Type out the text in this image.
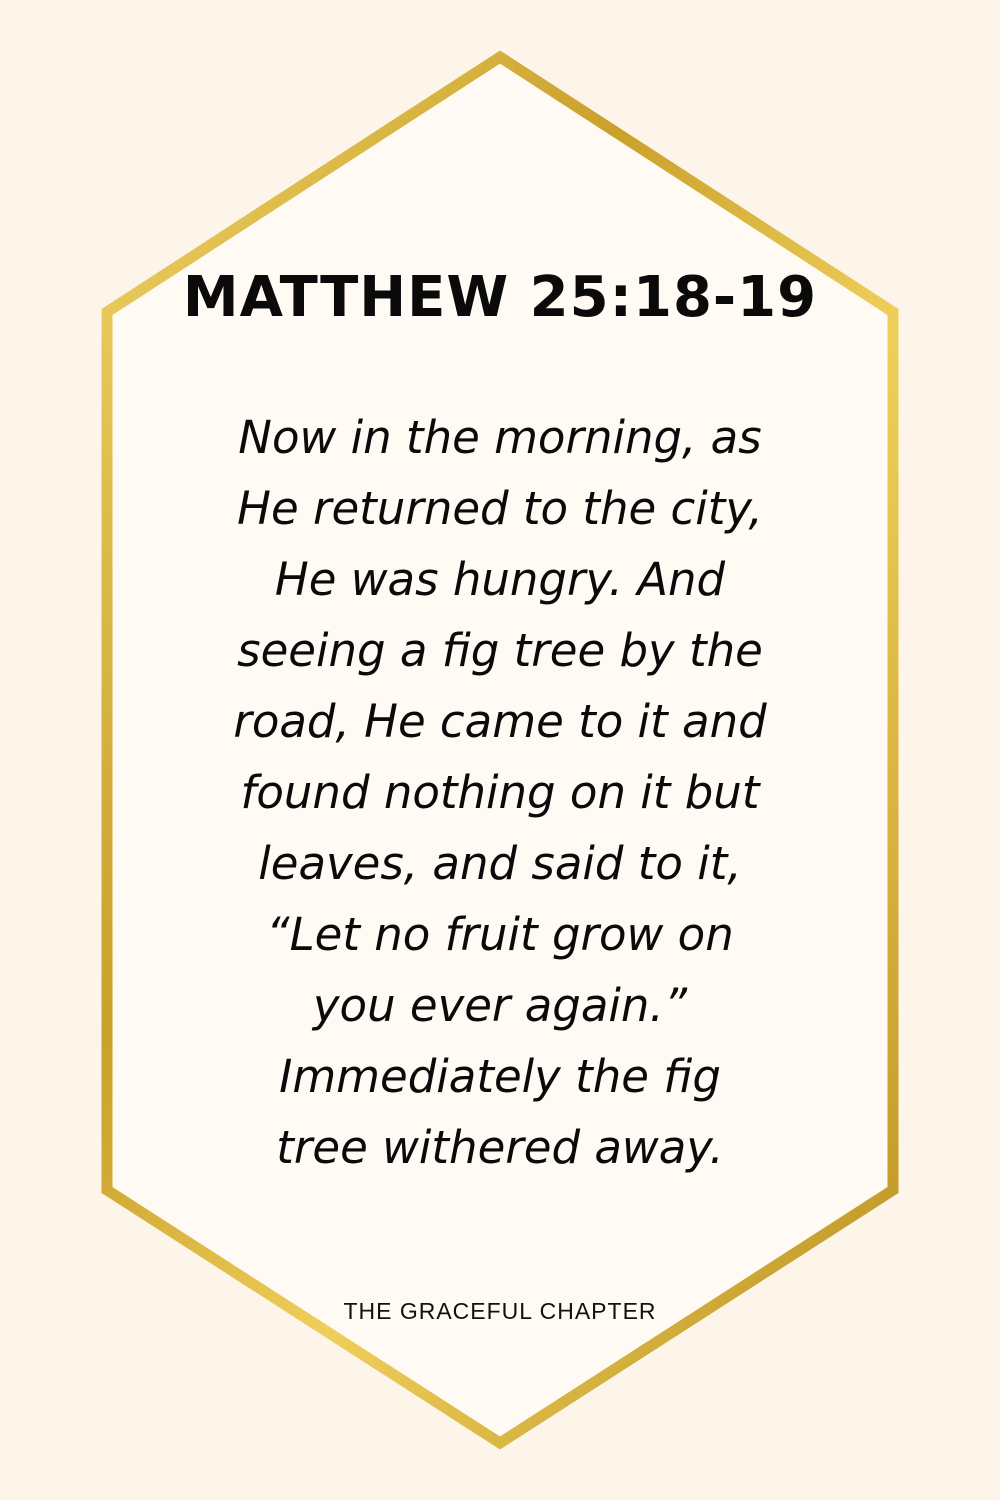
MATTHEW 25:18-19

Now in the morning, as
He returned to the city,
He was hungry. And
seeing a fig tree by the
road, He came to it and
found nothing on it but
leaves, and said to it,
“Let no fruit grow on
you ever again.”
Immediately the fig
tree withered away.

THE GRACEFUL CHAPTER
